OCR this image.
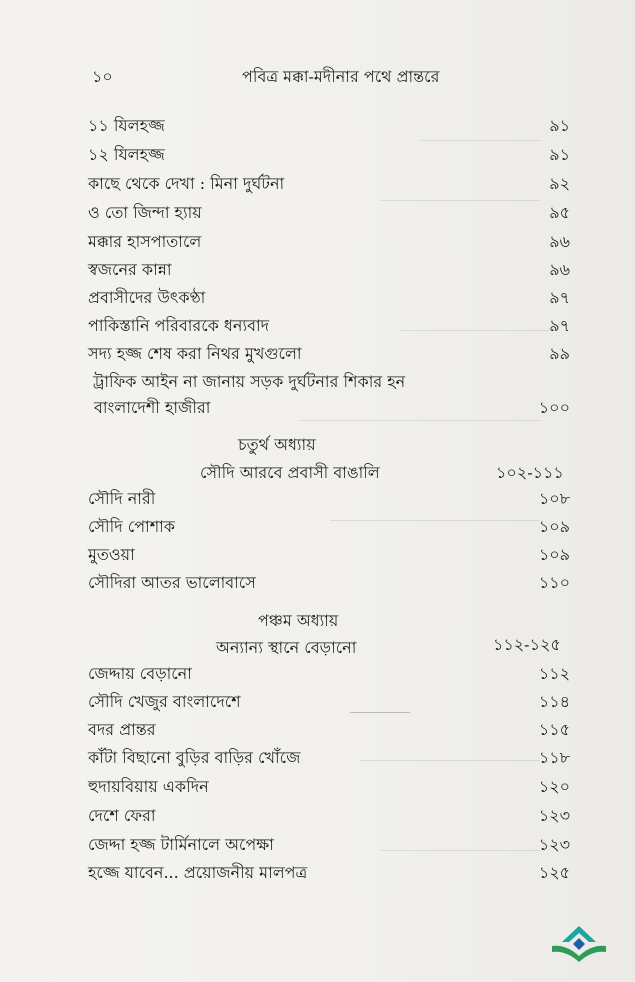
১০	পবিত্র মক্কা-মদীনার পথে প্রান্তরে
১১ যিলহজ্জ	৯১
১২ যিলহজ্জ	৯১
কাছে থেকে দেখা : মিনা দুর্ঘটনা	৯২
ও তো জিন্দা হ্যায়	৯৫
মক্কার হাসপাতালে	৯৬
স্বজনের কান্না	৯৬
প্রবাসীদের উৎকণ্ঠা	৯৭
পাকিস্তানি পরিবারকে ধন্যবাদ	৯৭
সদ্য হজ্জ শেষ করা নিথর মুখগুলো	৯৯
ট্রাফিক আইন না জানায় সড়ক দুর্ঘটনার শিকার হন
বাংলাদেশী হাজীরা	১০০
চতুর্থ অধ্যায়
সৌদি আরবে প্রবাসী বাঙালি	১০২-১১১
সৌদি নারী	১০৮
সৌদি পোশাক	১০৯
মুতওয়া	১০৯
সৌদিরা আতর ভালোবাসে	১১০
পঞ্চম অধ্যায়
অন্যান্য স্থানে বেড়ানো	১১২-১২৫
জেদ্দায় বেড়ানো	১১২
সৌদি খেজুর বাংলাদেশে	১১৪
বদর প্রান্তর	১১৫
কাঁটা বিছানো বুড়ির বাড়ির খোঁজে	১১৮
হুদায়বিয়ায় একদিন	১২০
দেশে ফেরা	১২৩
জেদ্দা হজ্জ টার্মিনালে অপেক্ষা	১২৩
হজ্জে যাবেন... প্রয়োজনীয় মালপত্র	১২৫
